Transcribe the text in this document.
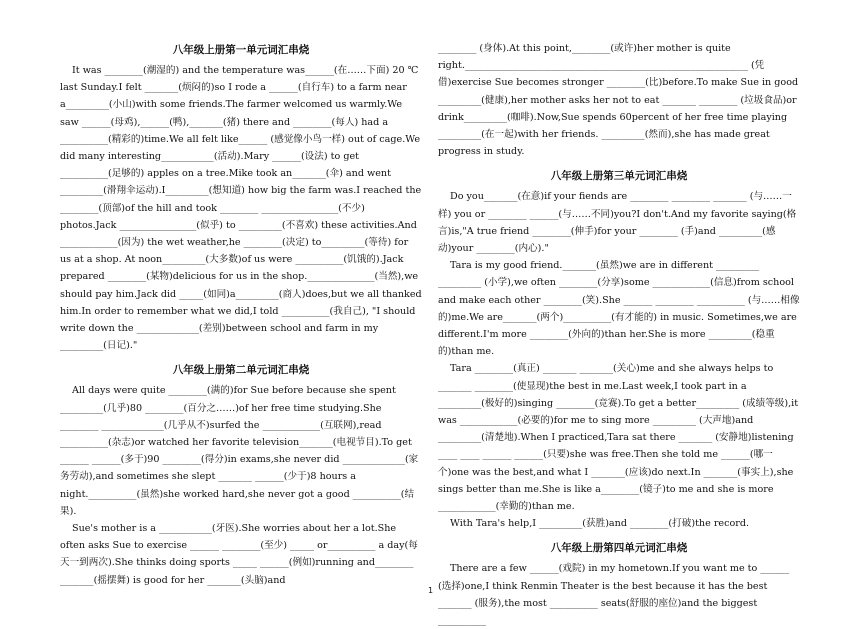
八年级上册第一单元词汇串烧

It was ________(潮湿的) and the temperature was______(在……下面) 20 ℃ last Sunday.I felt _______(烦闷的)so I rode a ______(自行车) to a farm near a_________(小山)with some friends.The farmer welcomed us warmly.We saw ______(母鸡),______(鸭),_______(猪) there and ________(每人) had a __________(精彩的)time.We all felt like______ (感觉像小鸟一样) out of cage.We did many interesting___________(活动).Mary ______(设法) to get __________(足够的) apples on a tree.Mike took an_______(伞) and went _________(滑翔伞运动).I_________(想知道) how big the farm was.I reached the ________(顶部)of the hill and took ________ ________________(不少) photos.Jack ________________(似乎) to _________(不喜欢) these activities.And ____________(因为) the wet weather,he ________(决定) to_________(等待) for us at a shop. At noon_________(大多数)of us were __________(饥饿的).Jack prepared ________(某物)delicious for us in the shop.______________(当然),we should pay him.Jack did _____(如同)a_________(商人)does,but we all thanked him.In order to remember what we did,I told __________(我自己), "I should write down the _____________(差别)between school and farm in my _________(日记)."

八年级上册第二单元词汇串烧

All days were quite ________(满的)for Sue before because she spent _________(几乎)80 ________(百分之……)of her free time studying.She ________ _____________(几乎从不)surfed the ____________(互联网),read __________(杂志)or watched her favorite television_______(电视节目).To get ______ ______(多于)90 ________(得分)in exams,she never did _____________(家务劳动),and sometimes she slept _______ ______(少于)8 hours a night.__________(虽然)she worked hard,she never got a good __________(结果).

Sue's mother is a ___________(牙医).She worries about her a lot.She often asks Sue to exercise ______ ________(至少) _____ or__________ a day(每天一到两次).She thinks doing sports _____ ______(例如)running and________ _______(摇摆舞) is good for her _______(头脑)and

________ (身体).At this point,________(或许)her mother is quite right.___________________________________________________________ (凭借)exercise Sue becomes stronger ________(比)before.To make Sue in good _________(健康),her mother asks her not to eat _______ ________ (垃圾食品)or drink_________(咖啡).Now,Sue spends 60percent of her free time playing _________(在一起)with her friends. _________(然而),she has made great progress in study.

八年级上册第三单元词汇串烧

Do you_______(在意)if your fiends are ________ ________ _______ (与……一样) you or ________ ______(与……不同)you?I don't.And my favorite saying(格言)is,"A true friend ________(伸手)for your ________ (手)and _________(感动)your ________(内心)."

Tara is my good friend._______(虽然)we are in different _________ _________ (小学),we often ________(分享)some ____________(信息)from school and make each other ________(笑).She ______ ________ __________ (与……相像的)me.We are_______(两个)__________(有才能的) in music. Sometimes,we are different.I'm more ________(外向的)than her.She is more _________(稳重的)than me.

Tara ________(真正) _______ _______(关心)me and she always helps to _______ ________(使显现)the best in me.Last week,I took part in a _________(极好的)singing ________(竞赛).To get a better_________ (成绩等级),it was ____________(必要的)for me to sing more _________ (大声地)and _________(清楚地).When I practiced,Tara sat there _______ (安静地)listening ____ ____ ______ ______(只要)she was free.Then she told me ______(哪一个)one was the best,and what I _______(应该)do next.In _______(事实上),she sings better than me.She is like a________(镜子)to me and she is more ____________(幸勤的)than me.

With Tara's help,I _________(获胜)and ________(打破)the record.

八年级上册第四单元词汇串烧

There are a few ______(戏院) in my hometown.If you want me to ______ (选择)one,I think Renmin Theater is the best because it has the best _______ (服务),the most __________ seats(舒服的座位)and the biggest __________

1
